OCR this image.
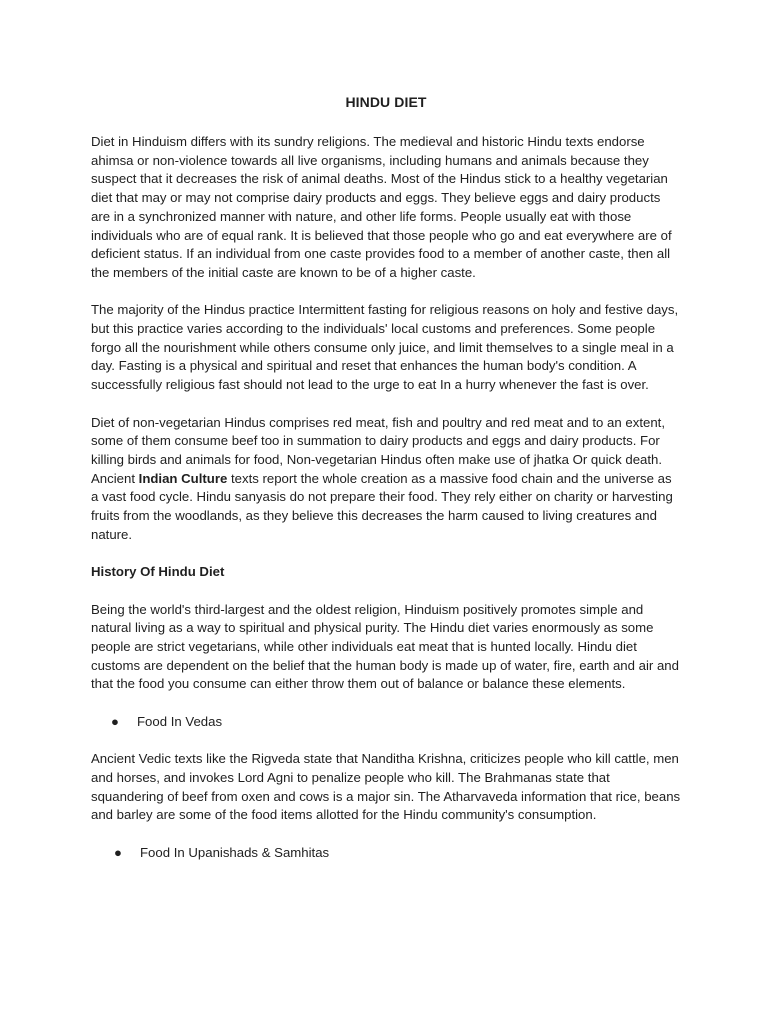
HINDU DIET

Diet in Hinduism differs with its sundry religions. The medieval and historic Hindu texts endorse ahimsa or non-violence towards all live organisms, including humans and animals because they suspect that it decreases the risk of animal deaths. Most of the Hindus stick to a healthy vegetarian diet that may or may not comprise dairy products and eggs. They believe eggs and dairy products are in a synchronized manner with nature, and other life forms. People usually eat with those individuals who are of equal rank. It is believed that those people who go and eat everywhere are of deficient status. If an individual from one caste provides food to a member of another caste, then all the members of the initial caste are known to be of a higher caste.

The majority of the Hindus practice Intermittent fasting for religious reasons on holy and festive days, but this practice varies according to the individuals' local customs and preferences. Some people forgo all the nourishment while others consume only juice, and limit themselves to a single meal in a day. Fasting is a physical and spiritual and reset that enhances the human body's condition. A successfully religious fast should not lead to the urge to eat In a hurry whenever the fast is over.

Diet of non-vegetarian Hindus comprises red meat, fish and poultry and red meat and to an extent, some of them consume beef too in summation to dairy products and eggs and dairy products. For killing birds and animals for food, Non-vegetarian Hindus often make use of jhatka Or quick death. Ancient Indian Culture texts report the whole creation as a massive food chain and the universe as a vast food cycle. Hindu sanyasis do not prepare their food. They rely either on charity or harvesting fruits from the woodlands, as they believe this decreases the harm caused to living creatures and nature.

History Of Hindu Diet

Being the world's third-largest and the oldest religion, Hinduism positively promotes simple and natural living as a way to spiritual and physical purity. The Hindu diet varies enormously as some people are strict vegetarians, while other individuals eat meat that is hunted locally. Hindu diet customs are dependent on the belief that the human body is made up of water, fire, earth and air and that the food you consume can either throw them out of balance or balance these elements.

● Food In Vedas

Ancient Vedic texts like the Rigveda state that Nanditha Krishna, criticizes people who kill cattle, men and horses, and invokes Lord Agni to penalize people who kill. The Brahmanas state that squandering of beef from oxen and cows is a major sin. The Atharvaveda information that rice, beans and barley are some of the food items allotted for the Hindu community's consumption.

● Food In Upanishads & Samhitas
